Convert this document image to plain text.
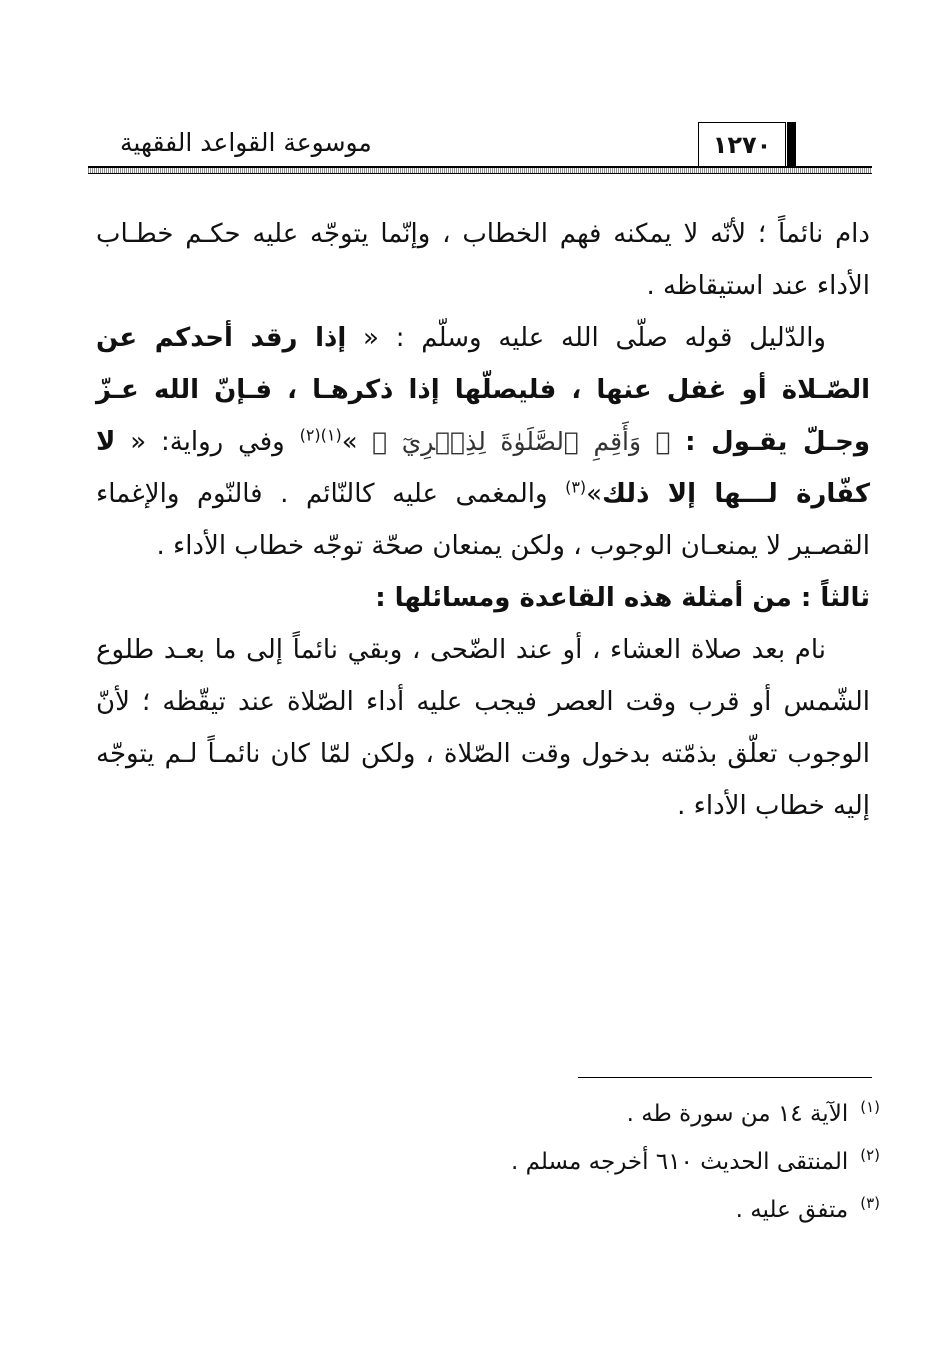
موسوعة القواعد الفقهية	١٢٧٠

دام نائماً ؛ لأنّه لا يمكنه فهم الخطاب ، وإنّما يتوجّه عليه حكـم خطـاب الأداء عند استيقاظه .

والدّليل قوله صلّى الله عليه وسلّم : « إذا رقد أحدكم عن الصّـلاة أو غفل عنها ، فليصلّها إذا ذكرهـا ، فـإنّ الله عـزّ وجـلّ يقـول : ﴿ وَأَقِمِ ٱلصَّلَوٰةَ لِذِكۡرِيٓ ﴾ »$^{(١)(٢)}$ وفي رواية: « لا كفّارة لـــها إلا ذلك»$^{(٣)}$ والمغمى عليه كالنّائم . فالنّوم والإغماء القصـير لا يمنعـان الوجوب ، ولكن يمنعان صحّة توجّه خطاب الأداء .

ثالثاً : من أمثلة هذه القاعدة ومسائلها :

نام بعد صلاة العشاء ، أو عند الضّحى ، وبقي نائماً إلى ما بعـد طلوع الشّمس أو قرب وقت العصر فيجب عليه أداء الصّلاة عند تيقّظه ؛ لأنّ الوجوب تعلّق بذمّته بدخول وقت الصّلاة ، ولكن لمّا كان نائمـاً لـم يتوجّه إليه خطاب الأداء .

$^{(١)}$الآية ١٤ من سورة طه .

$^{(٢)}$المنتقى الحديث ٦١٠ أخرجه مسلم .

$^{(٣)}$متفق عليه .
